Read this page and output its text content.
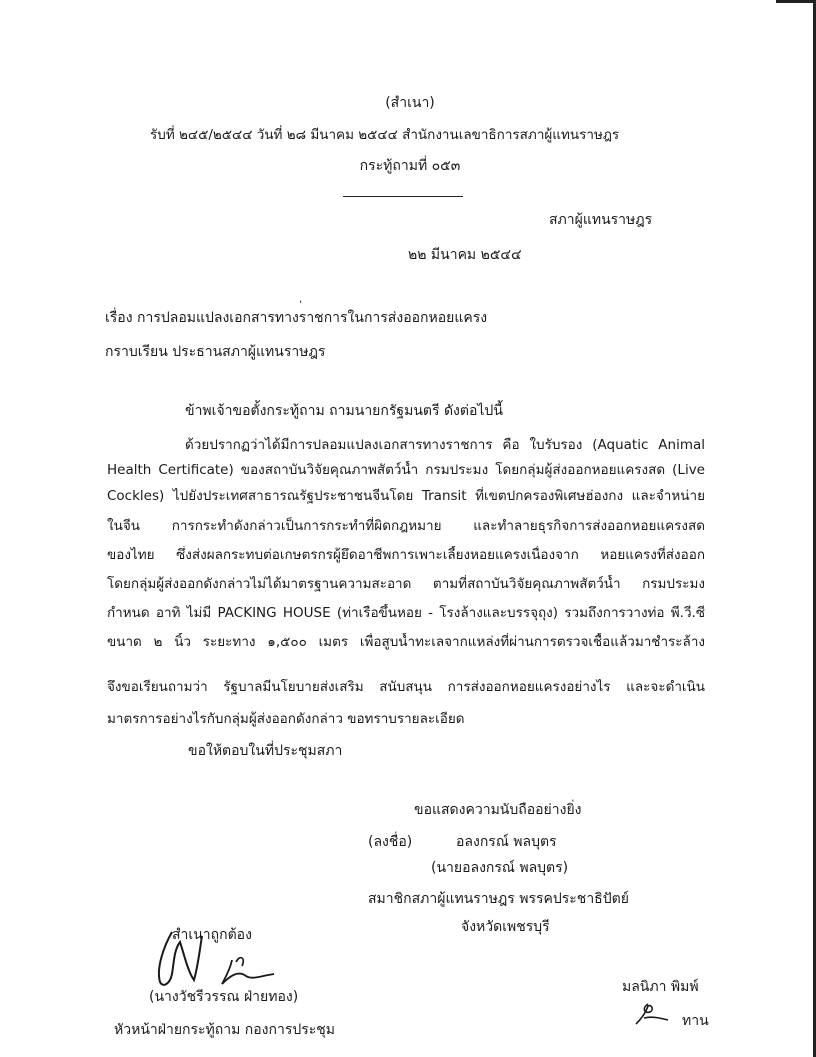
(สำเนา)
รับที่ ๒๔๕/๒๕๔๔ วันที่ ๒๘ มีนาคม ๒๕๔๔ สำนักงานเลขาธิการสภาผู้แทนราษฎร
กระทู้ถามที่ ๐๕๓
สภาผู้แทนราษฎร
๒๒ มีนาคม ๒๕๔๔
,
เรื่อง การปลอมแปลงเอกสารทางราชการในการส่งออกหอยแครง
กราบเรียน ประธานสภาผู้แทนราษฎร
ข้าพเจ้าขอตั้งกระทู้ถาม ถามนายกรัฐมนตรี ดังต่อไปนี้
ด้วยปรากฏว่าได้มีการปลอมแปลงเอกสารทางราชการ คือ ใบรับรอง (Aquatic Animal
Health Certificate) ของสถาบันวิจัยคุณภาพสัตว์น้ำ กรมประมง โดยกลุ่มผู้ส่งออกหอยแครงสด (Live
Cockles) ไปยังประเทศสาธารณรัฐประชาชนจีนโดย Transit ที่เขตปกครองพิเศษฮ่องกง และจำหน่าย
ในจีน การกระทำดังกล่าวเป็นการกระทำที่ผิดกฎหมาย และทำลายธุรกิจการส่งออกหอยแครงสด
ของไทย ซึ่งส่งผลกระทบต่อเกษตรกรผู้ยึดอาชีพการเพาะเลี้ยงหอยแครงเนื่องจาก หอยแครงที่ส่งออก
โดยกลุ่มผู้ส่งออกดังกล่าวไม่ได้มาตรฐานความสะอาด ตามที่สถาบันวิจัยคุณภาพสัตว์น้ำ กรมประมง
กำหนด อาทิ ไม่มี PACKING HOUSE (ท่าเรือขึ้นหอย - โรงล้างและบรรจุถุง) รวมถึงการวางท่อ พี.วี.ซี
ขนาด ๒ นิ้ว ระยะทาง ๑,๕๐๐ เมตร เพื่อสูบน้ำทะเลจากแหล่งที่ผ่านการตรวจเชื้อแล้วมาชำระล้าง
จึงขอเรียนถามว่า รัฐบาลมีนโยบายส่งเสริม สนับสนุน การส่งออกหอยแครงอย่างไร และจะดำเนิน
มาตรการอย่างไรกับกลุ่มผู้ส่งออกดังกล่าว ขอทราบรายละเอียด
ขอให้ตอบในที่ประชุมสภา
ขอแสดงความนับถืออย่างยิ่ง
(ลงชื่อ)	อลงกรณ์ พลบุตร
(นายอลงกรณ์ พลบุตร)
สมาชิกสภาผู้แทนราษฎร พรรคประชาธิปัตย์
จังหวัดเพชรบุรี
สำเนาถูกต้อง
(นางวัชรีวรรณ ฝ่ายทอง)
หัวหน้าฝ่ายกระทู้ถาม กองการประชุม
มลนิภา พิมพ์
ทาน
